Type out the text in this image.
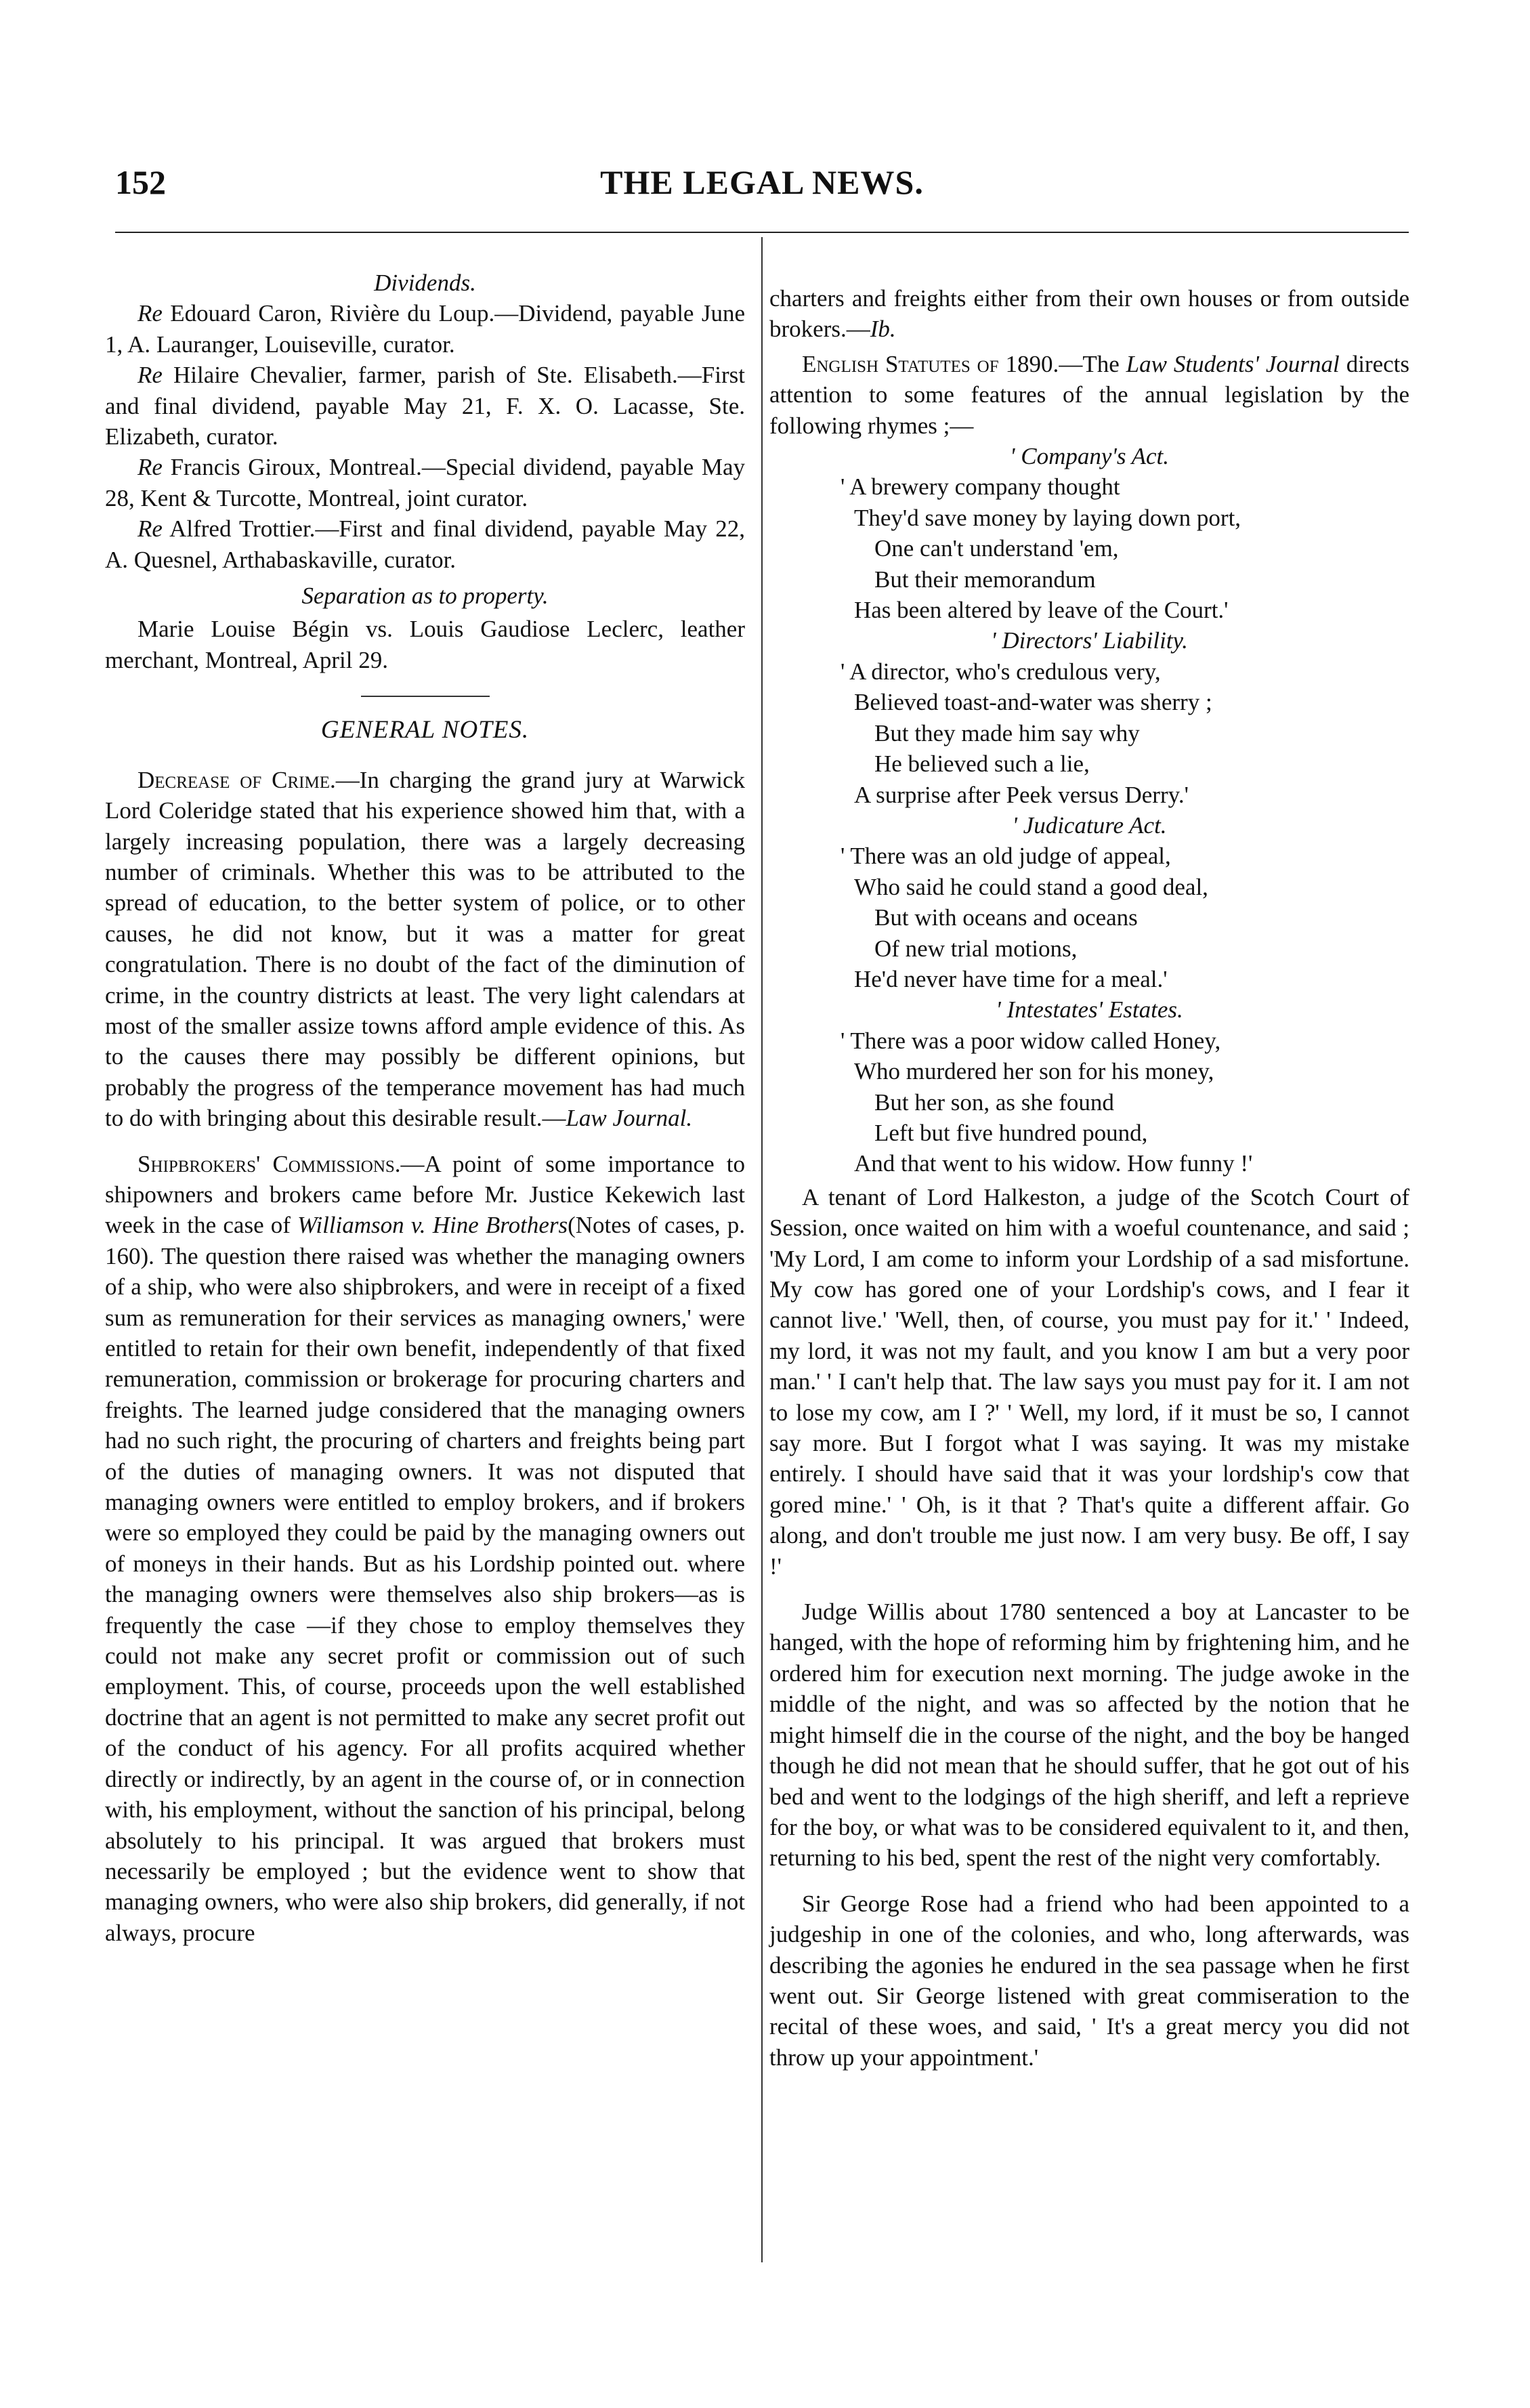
152	THE LEGAL NEWS.

Dividends.

Re Edouard Caron, Rivière du Loup.—Dividend, payable June 1, A. Lauranger, Louiseville, curator.

Re Hilaire Chevalier, farmer, parish of Ste. Elisabeth.—First and final dividend, payable May 21, F. X. O. Lacasse, Ste. Elizabeth, curator.

Re Francis Giroux, Montreal.—Special dividend, payable May 28, Kent & Turcotte, Montreal, joint curator.

Re Alfred Trottier.—First and final dividend, payable May 22, A. Quesnel, Arthabaskaville, curator.

Separation as to property.

Marie Louise Bégin vs. Louis Gaudiose Leclerc, leather merchant, Montreal, April 29.

GENERAL NOTES.

Decrease of Crime.—In charging the grand jury at Warwick Lord Coleridge stated that his experience showed him that, with a largely increasing population, there was a largely decreasing number of criminals. Whether this was to be attributed to the spread of education, to the better system of police, or to other causes, he did not know, but it was a matter for great congratulation. There is no doubt of the fact of the diminution of crime, in the country districts at least. The very light calendars at most of the smaller assize towns afford ample evidence of this. As to the causes there may possibly be different opinions, but probably the progress of the temperance movement has had much to do with bringing about this desirable result.—Law Journal.

Shipbrokers' Commissions.—A point of some importance to shipowners and brokers came before Mr. Justice Kekewich last week in the case of Williamson v. Hine Brothers(Notes of cases, p. 160). The question there raised was whether the managing owners of a ship, who were also shipbrokers, and were in receipt of a fixed sum as remuneration for their services as managing owners,' were entitled to retain for their own benefit, independently of that fixed remuneration, commission or brokerage for procuring charters and freights. The learned judge considered that the managing owners had no such right, the procuring of charters and freights being part of the duties of managing owners. It was not disputed that managing owners were entitled to employ brokers, and if brokers were so employed they could be paid by the managing owners out of moneys in their hands. But as his Lordship pointed out. where the managing owners were themselves also ship brokers—as is frequently the case —if they chose to employ themselves they could not make any secret profit or commission out of such employment. This, of course, proceeds upon the well established doctrine that an agent is not permitted to make any secret profit out of the conduct of his agency. For all profits acquired whether directly or indirectly, by an agent in the course of, or in connection with, his employment, without the sanction of his principal, belong absolutely to his principal. It was argued that brokers must necessarily be employed ; but the evidence went to show that managing owners, who were also ship brokers, did generally, if not always, procure

charters and freights either from their own houses or from outside brokers.—Ib.

English Statutes of 1890.—The Law Students' Journal directs attention to some features of the annual legislation by the following rhymes ;—

' Company's Act.
' A brewery company thought
They'd save money by laying down port,
One can't understand 'em,
But their memorandum
Has been altered by leave of the Court.'
' Directors' Liability.
' A director, who's credulous very,
Believed toast-and-water was sherry ;
But they made him say why
He believed such a lie,
A surprise after Peek versus Derry.'
' Judicature Act.
' There was an old judge of appeal,
Who said he could stand a good deal,
But with oceans and oceans
Of new trial motions,
He'd never have time for a meal.'
' Intestates' Estates.
' There was a poor widow called Honey,
Who murdered her son for his money,
But her son, as she found
Left but five hundred pound,
And that went to his widow. How funny !'

A tenant of Lord Halkeston, a judge of the Scotch Court of Session, once waited on him with a woeful countenance, and said ; 'My Lord, I am come to inform your Lordship of a sad misfortune. My cow has gored one of your Lordship's cows, and I fear it cannot live.' 'Well, then, of course, you must pay for it.' ' Indeed, my lord, it was not my fault, and you know I am but a very poor man.' ' I can't help that. The law says you must pay for it. I am not to lose my cow, am I ?' ' Well, my lord, if it must be so, I cannot say more. But I forgot what I was saying. It was my mistake entirely. I should have said that it was your lordship's cow that gored mine.' ' Oh, is it that ? That's quite a different affair. Go along, and don't trouble me just now. I am very busy. Be off, I say !'

Judge Willis about 1780 sentenced a boy at Lancaster to be hanged, with the hope of reforming him by frightening him, and he ordered him for execution next morning. The judge awoke in the middle of the night, and was so affected by the notion that he might himself die in the course of the night, and the boy be hanged though he did not mean that he should suffer, that he got out of his bed and went to the lodgings of the high sheriff, and left a reprieve for the boy, or what was to be considered equivalent to it, and then, returning to his bed, spent the rest of the night very comfortably.

Sir George Rose had a friend who had been appointed to a judgeship in one of the colonies, and who, long afterwards, was describing the agonies he endured in the sea passage when he first went out. Sir George listened with great commiseration to the recital of these woes, and said, ' It's a great mercy you did not throw up your appointment.'
